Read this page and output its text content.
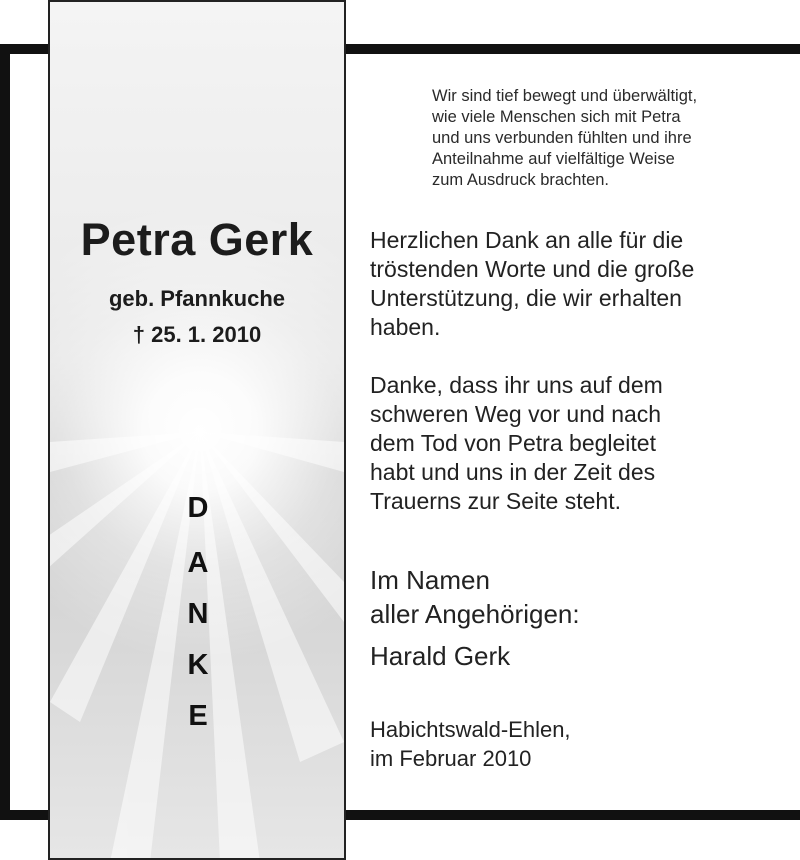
Petra Gerk
geb. Pfannkuche
† 25. 1. 2010
D
A
N
K
E
Wir sind tief bewegt und überwältigt,
wie viele Menschen sich mit Petra
und uns verbunden fühlten und ihre
Anteilnahme auf vielfältige Weise
zum Ausdruck brachten.
Herzlichen Dank an alle für die
tröstenden Worte und die große
Unterstützung, die wir erhalten
haben.
Danke, dass ihr uns auf dem
schweren Weg vor und nach
dem Tod von Petra begleitet
habt und uns in der Zeit des
Trauerns zur Seite steht.
Im Namen
aller Angehörigen:
Harald Gerk
Habichtswald-Ehlen,
im Februar 2010
